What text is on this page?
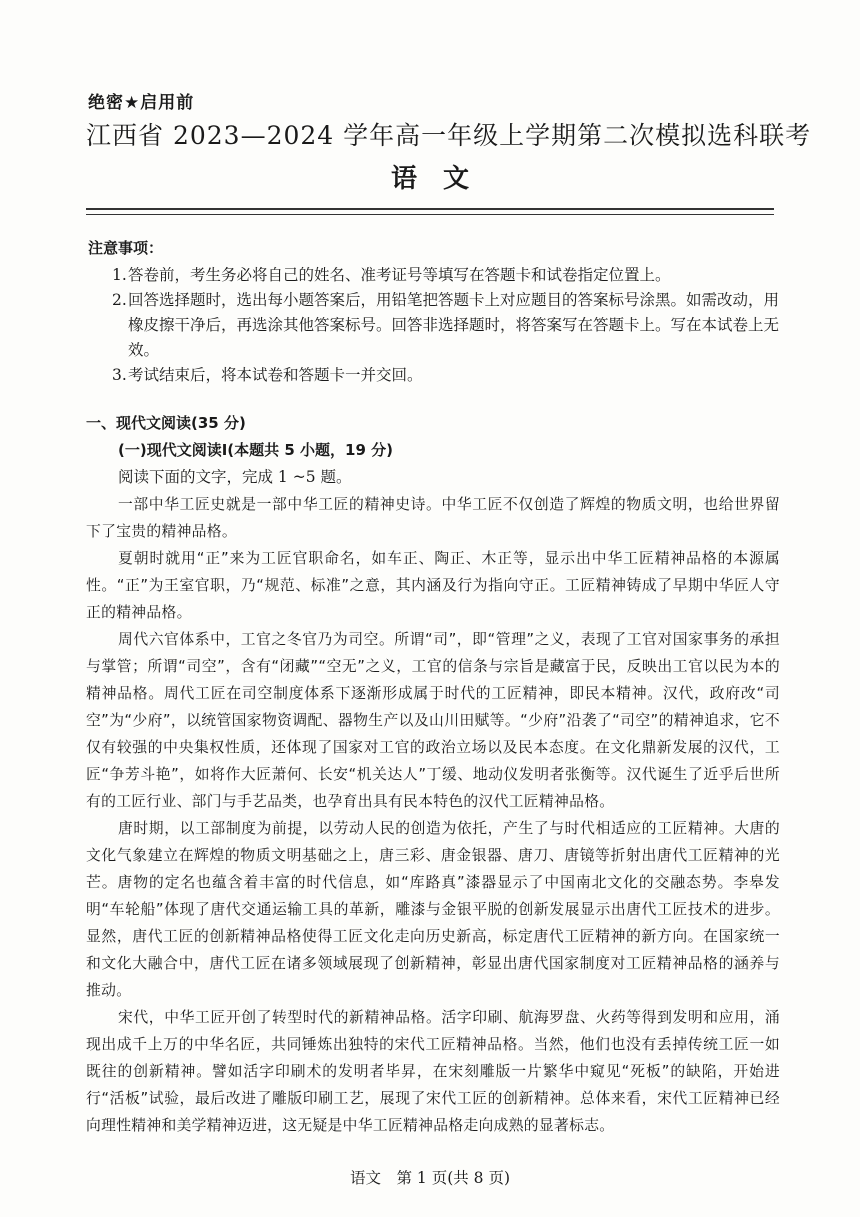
绝密★启用前
江西省 2023—2024 学年高一年级上学期第二次模拟选科联考
语文
注意事项：
1.答卷前，考生务必将自己的姓名、准考证号等填写在答题卡和试卷指定位置上。
2.回答选择题时，选出每小题答案后，用铅笔把答题卡上对应题目的答案标号涂黑。如需改动，用橡皮擦干净后，再选涂其他答案标号。回答非选择题时，将答案写在答题卡上。写在本试卷上无效。
3.考试结束后，将本试卷和答题卡一并交回。
一、现代文阅读(35 分)
(一)现代文阅读Ⅰ(本题共 5 小题，19 分)
阅读下面的文字，完成 1 ~5 题。
一部中华工匠史就是一部中华工匠的精神史诗。中华工匠不仅创造了辉煌的物质文明，也给世界留下了宝贵的精神品格。
夏朝时就用“正”来为工匠官职命名，如车正、陶正、木正等，显示出中华工匠精神品格的本源属性。“正”为王室官职，乃“规范、标准”之意，其内涵及行为指向守正。工匠精神铸成了早期中华匠人守正的精神品格。
周代六官体系中，工官之冬官乃为司空。所谓“司”，即“管理”之义，表现了工官对国家事务的承担与掌管；所谓“司空”，含有“闭藏”“空无”之义，工官的信条与宗旨是藏富于民，反映出工官以民为本的精神品格。周代工匠在司空制度体系下逐渐形成属于时代的工匠精神，即民本精神。汉代，政府改“司空”为“少府”，以统管国家物资调配、器物生产以及山川田赋等。“少府”沿袭了“司空”的精神追求，它不仅有较强的中央集权性质，还体现了国家对工官的政治立场以及民本态度。在文化鼎新发展的汉代，工匠“争芳斗艳”，如将作大匠萧何、长安“机关达人”丁缓、地动仪发明者张衡等。汉代诞生了近乎后世所有的工匠行业、部门与手艺品类，也孕育出具有民本特色的汉代工匠精神品格。
唐时期，以工部制度为前提，以劳动人民的创造为依托，产生了与时代相适应的工匠精神。大唐的文化气象建立在辉煌的物质文明基础之上，唐三彩、唐金银器、唐刀、唐镜等折射出唐代工匠精神的光芒。唐物的定名也蕴含着丰富的时代信息，如“库路真”漆器显示了中国南北文化的交融态势。李皋发明“车轮船”体现了唐代交通运输工具的革新，雕漆与金银平脱的创新发展显示出唐代工匠技术的进步。显然，唐代工匠的创新精神品格使得工匠文化走向历史新高，标定唐代工匠精神的新方向。在国家统一和文化大融合中，唐代工匠在诸多领域展现了创新精神，彰显出唐代国家制度对工匠精神品格的涵养与推动。
宋代，中华工匠开创了转型时代的新精神品格。活字印刷、航海罗盘、火药等得到发明和应用，涌现出成千上万的中华名匠，共同锤炼出独特的宋代工匠精神品格。当然，他们也没有丢掉传统工匠一如既往的创新精神。譬如活字印刷术的发明者毕昇，在宋刻雕版一片繁华中窥见“死板”的缺陷，开始进行“活板”试验，最后改进了雕版印刷工艺，展现了宋代工匠的创新精神。总体来看，宋代工匠精神已经向理性精神和美学精神迈进，这无疑是中华工匠精神品格走向成熟的显著标志。
语文　第 1 页(共 8 页)
